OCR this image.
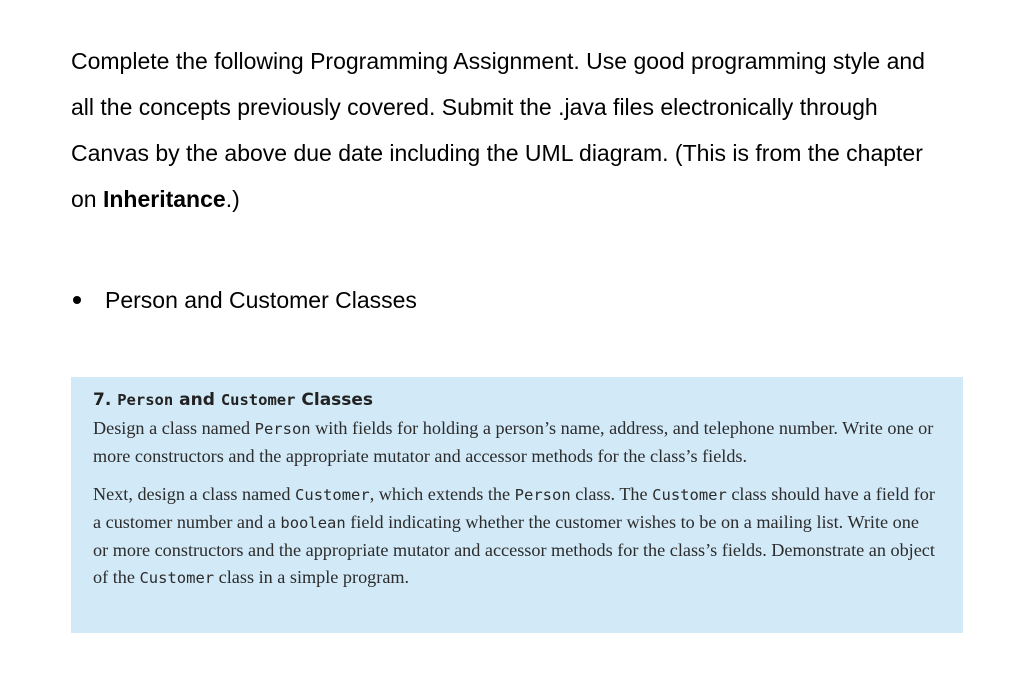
Complete the following Programming Assignment. Use good programming style and all the concepts previously covered. Submit the .java files electronically through Canvas by the above due date including the UML diagram. (This is from the chapter on Inheritance.)

Person and Customer Classes
7. Person and Customer Classes

Design a class named Person with fields for holding a person’s name, address, and telephone number. Write one or more constructors and the appropriate mutator and accessor methods for the class’s fields.

Next, design a class named Customer, which extends the Person class. The Customer class should have a field for a customer number and a boolean field indicating whether the customer wishes to be on a mailing list. Write one or more constructors and the appropriate mutator and accessor methods for the class’s fields. Demonstrate an object of the Customer class in a simple program.
